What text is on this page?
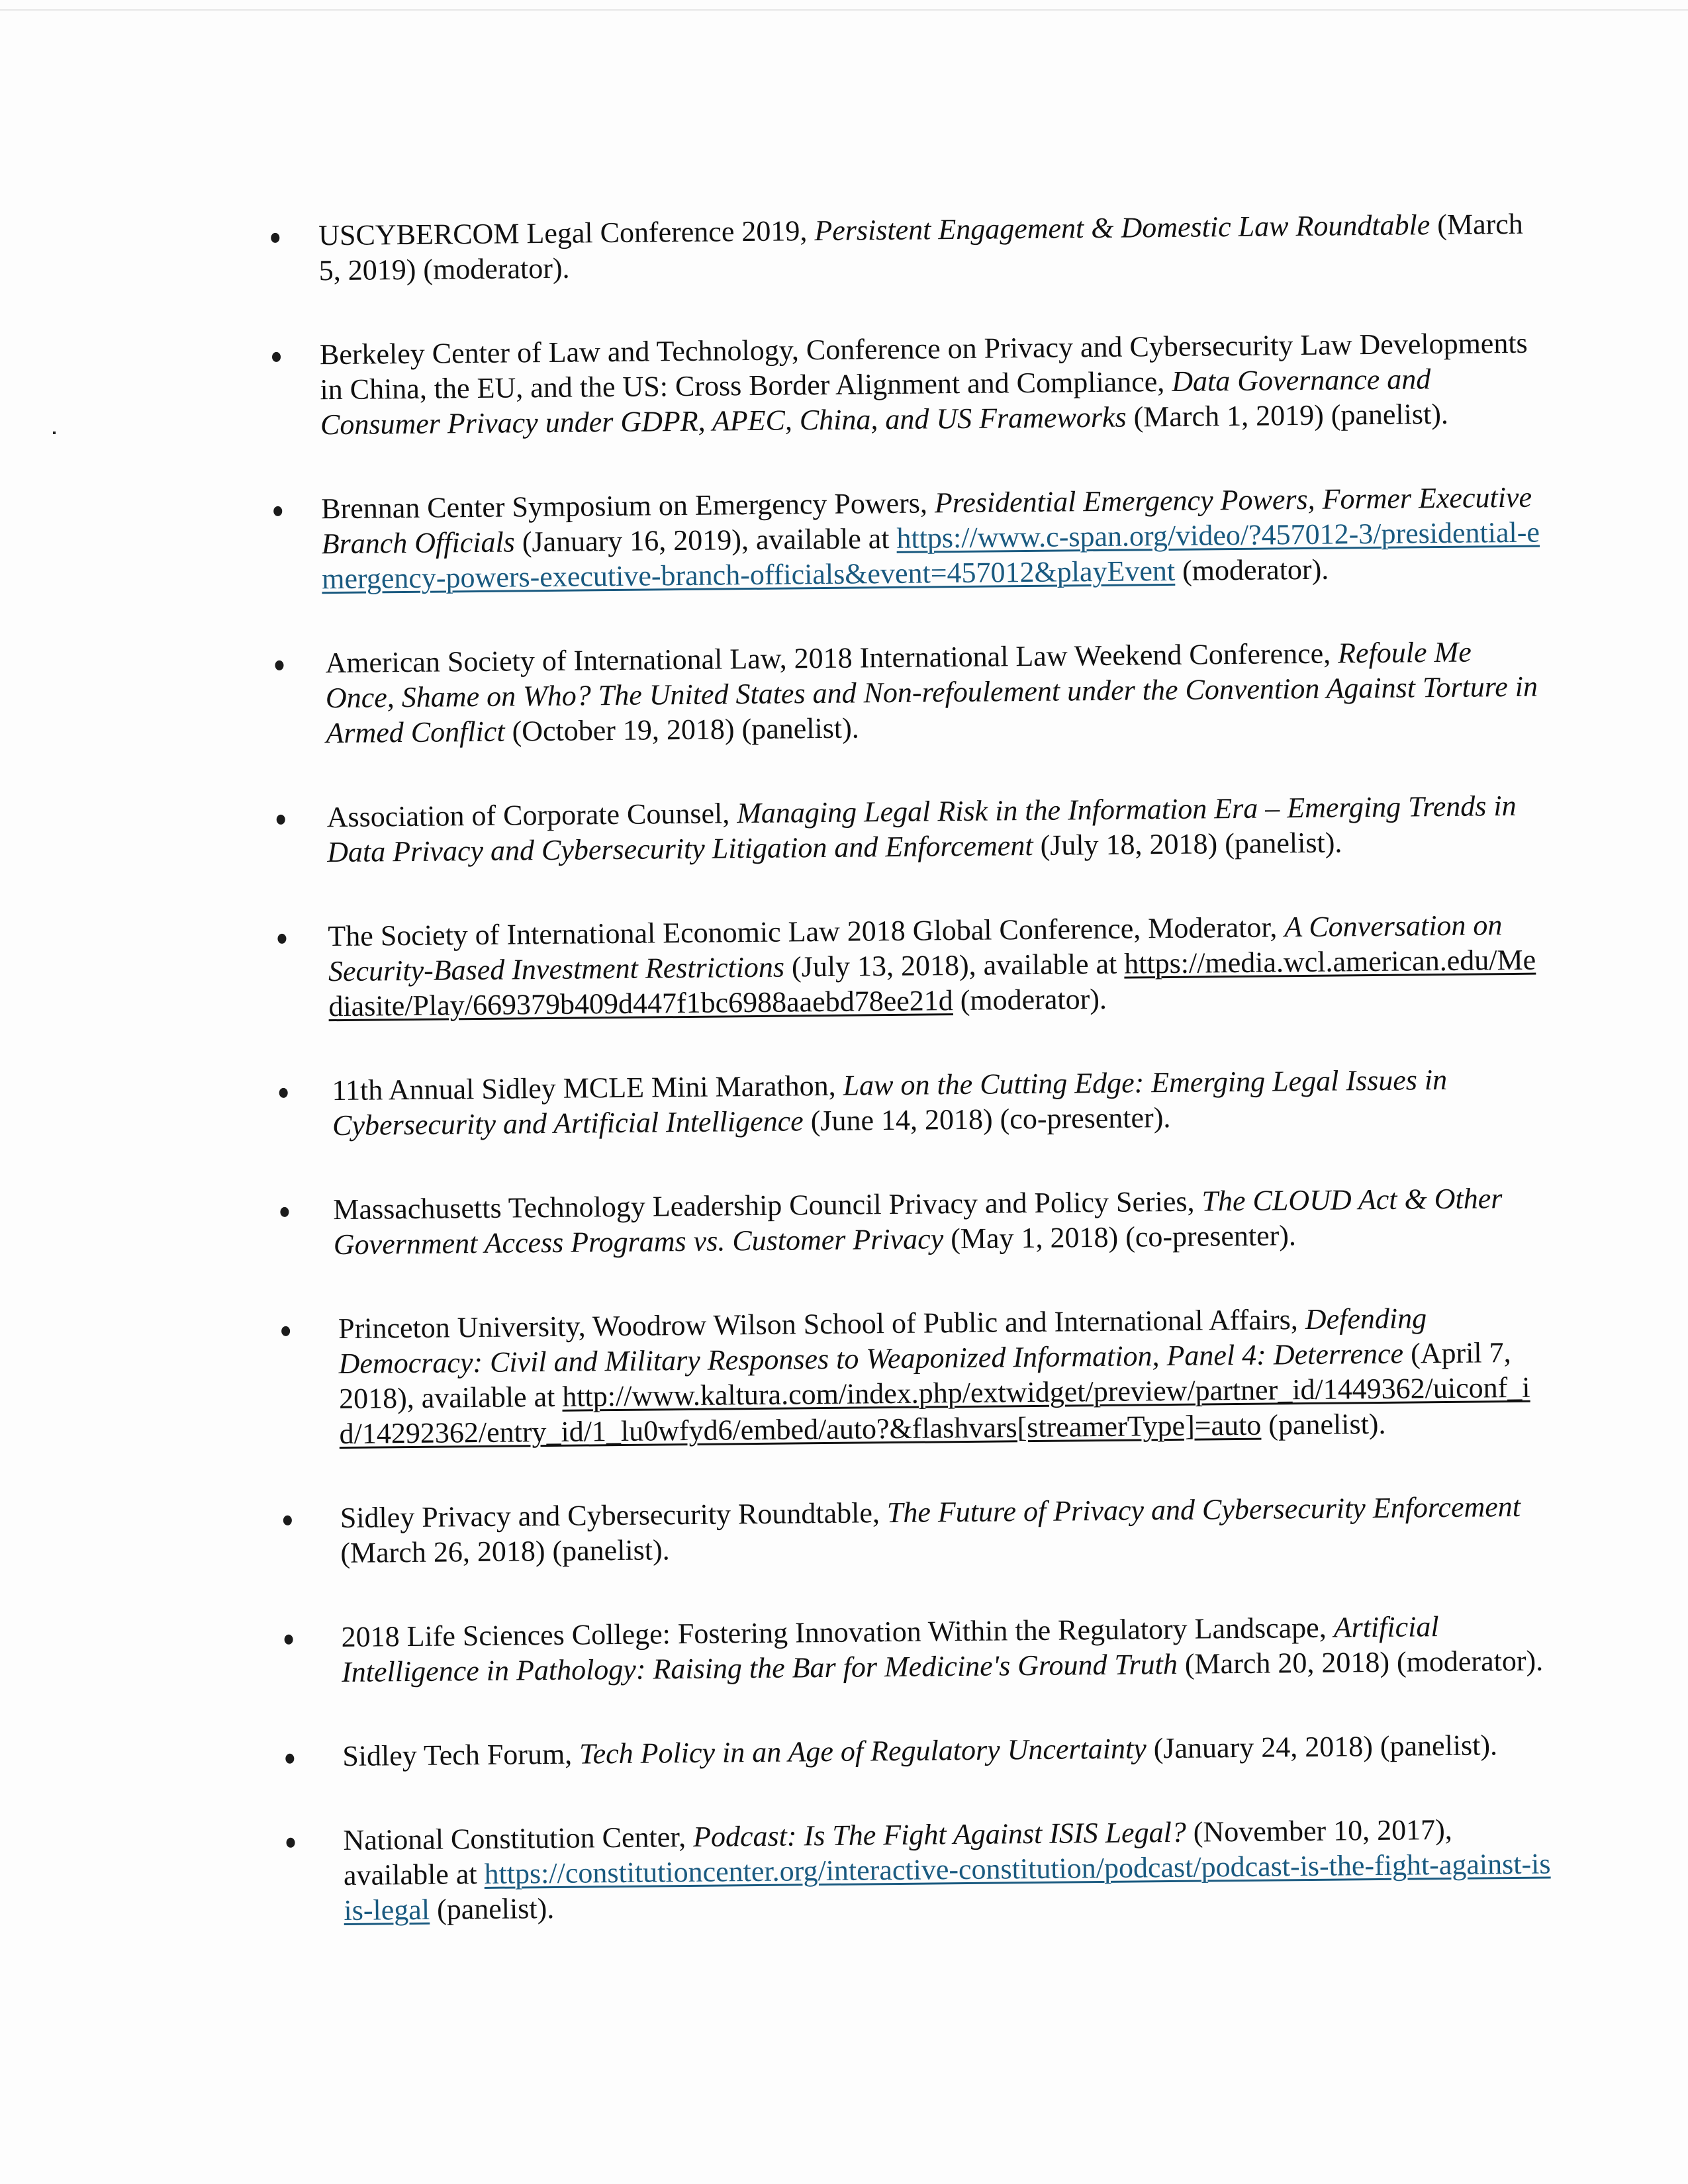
USCYBERCOM Legal Conference 2019, Persistent Engagement & Domestic Law Roundtable (March 5, 2019) (moderator).
Berkeley Center of Law and Technology, Conference on Privacy and Cybersecurity Law Developments in China, the EU, and the US: Cross Border Alignment and Compliance, Data Governance and Consumer Privacy under GDPR, APEC, China, and US Frameworks (March 1, 2019) (panelist).
Brennan Center Symposium on Emergency Powers, Presidential Emergency Powers, Former Executive Branch Officials (January 16, 2019), available at https://www.c-span.org/video/?457012-3/presidential-emergency-powers-executive-branch-officials&event=457012&playEvent (moderator).
American Society of International Law, 2018 International Law Weekend Conference, Refoule Me Once, Shame on Who? The United States and Non-refoulement under the Convention Against Torture in Armed Conflict (October 19, 2018) (panelist).
Association of Corporate Counsel, Managing Legal Risk in the Information Era – Emerging Trends in Data Privacy and Cybersecurity Litigation and Enforcement (July 18, 2018) (panelist).
The Society of International Economic Law 2018 Global Conference, Moderator, A Conversation on Security-Based Investment Restrictions (July 13, 2018), available at https://media.wcl.american.edu/Mediasite/Play/669379b409d447f1bc6988aaebd78ee21d (moderator).
11th Annual Sidley MCLE Mini Marathon, Law on the Cutting Edge: Emerging Legal Issues in Cybersecurity and Artificial Intelligence (June 14, 2018) (co-presenter).
Massachusetts Technology Leadership Council Privacy and Policy Series, The CLOUD Act & Other Government Access Programs vs. Customer Privacy (May 1, 2018) (co-presenter).
Princeton University, Woodrow Wilson School of Public and International Affairs, Defending Democracy: Civil and Military Responses to Weaponized Information, Panel 4: Deterrence (April 7, 2018), available at http://www.kaltura.com/index.php/extwidget/preview/partner_id/1449362/uiconf_id/14292362/entry_id/1_lu0wfyd6/embed/auto?&flashvars[streamerType]=auto (panelist).
Sidley Privacy and Cybersecurity Roundtable, The Future of Privacy and Cybersecurity Enforcement (March 26, 2018) (panelist).
2018 Life Sciences College: Fostering Innovation Within the Regulatory Landscape, Artificial Intelligence in Pathology: Raising the Bar for Medicine's Ground Truth (March 20, 2018) (moderator).
Sidley Tech Forum, Tech Policy in an Age of Regulatory Uncertainty (January 24, 2018) (panelist).
National Constitution Center, Podcast: Is The Fight Against ISIS Legal? (November 10, 2017), available at https://constitutioncenter.org/interactive-constitution/podcast/podcast-is-the-fight-against-isis-legal (panelist).
